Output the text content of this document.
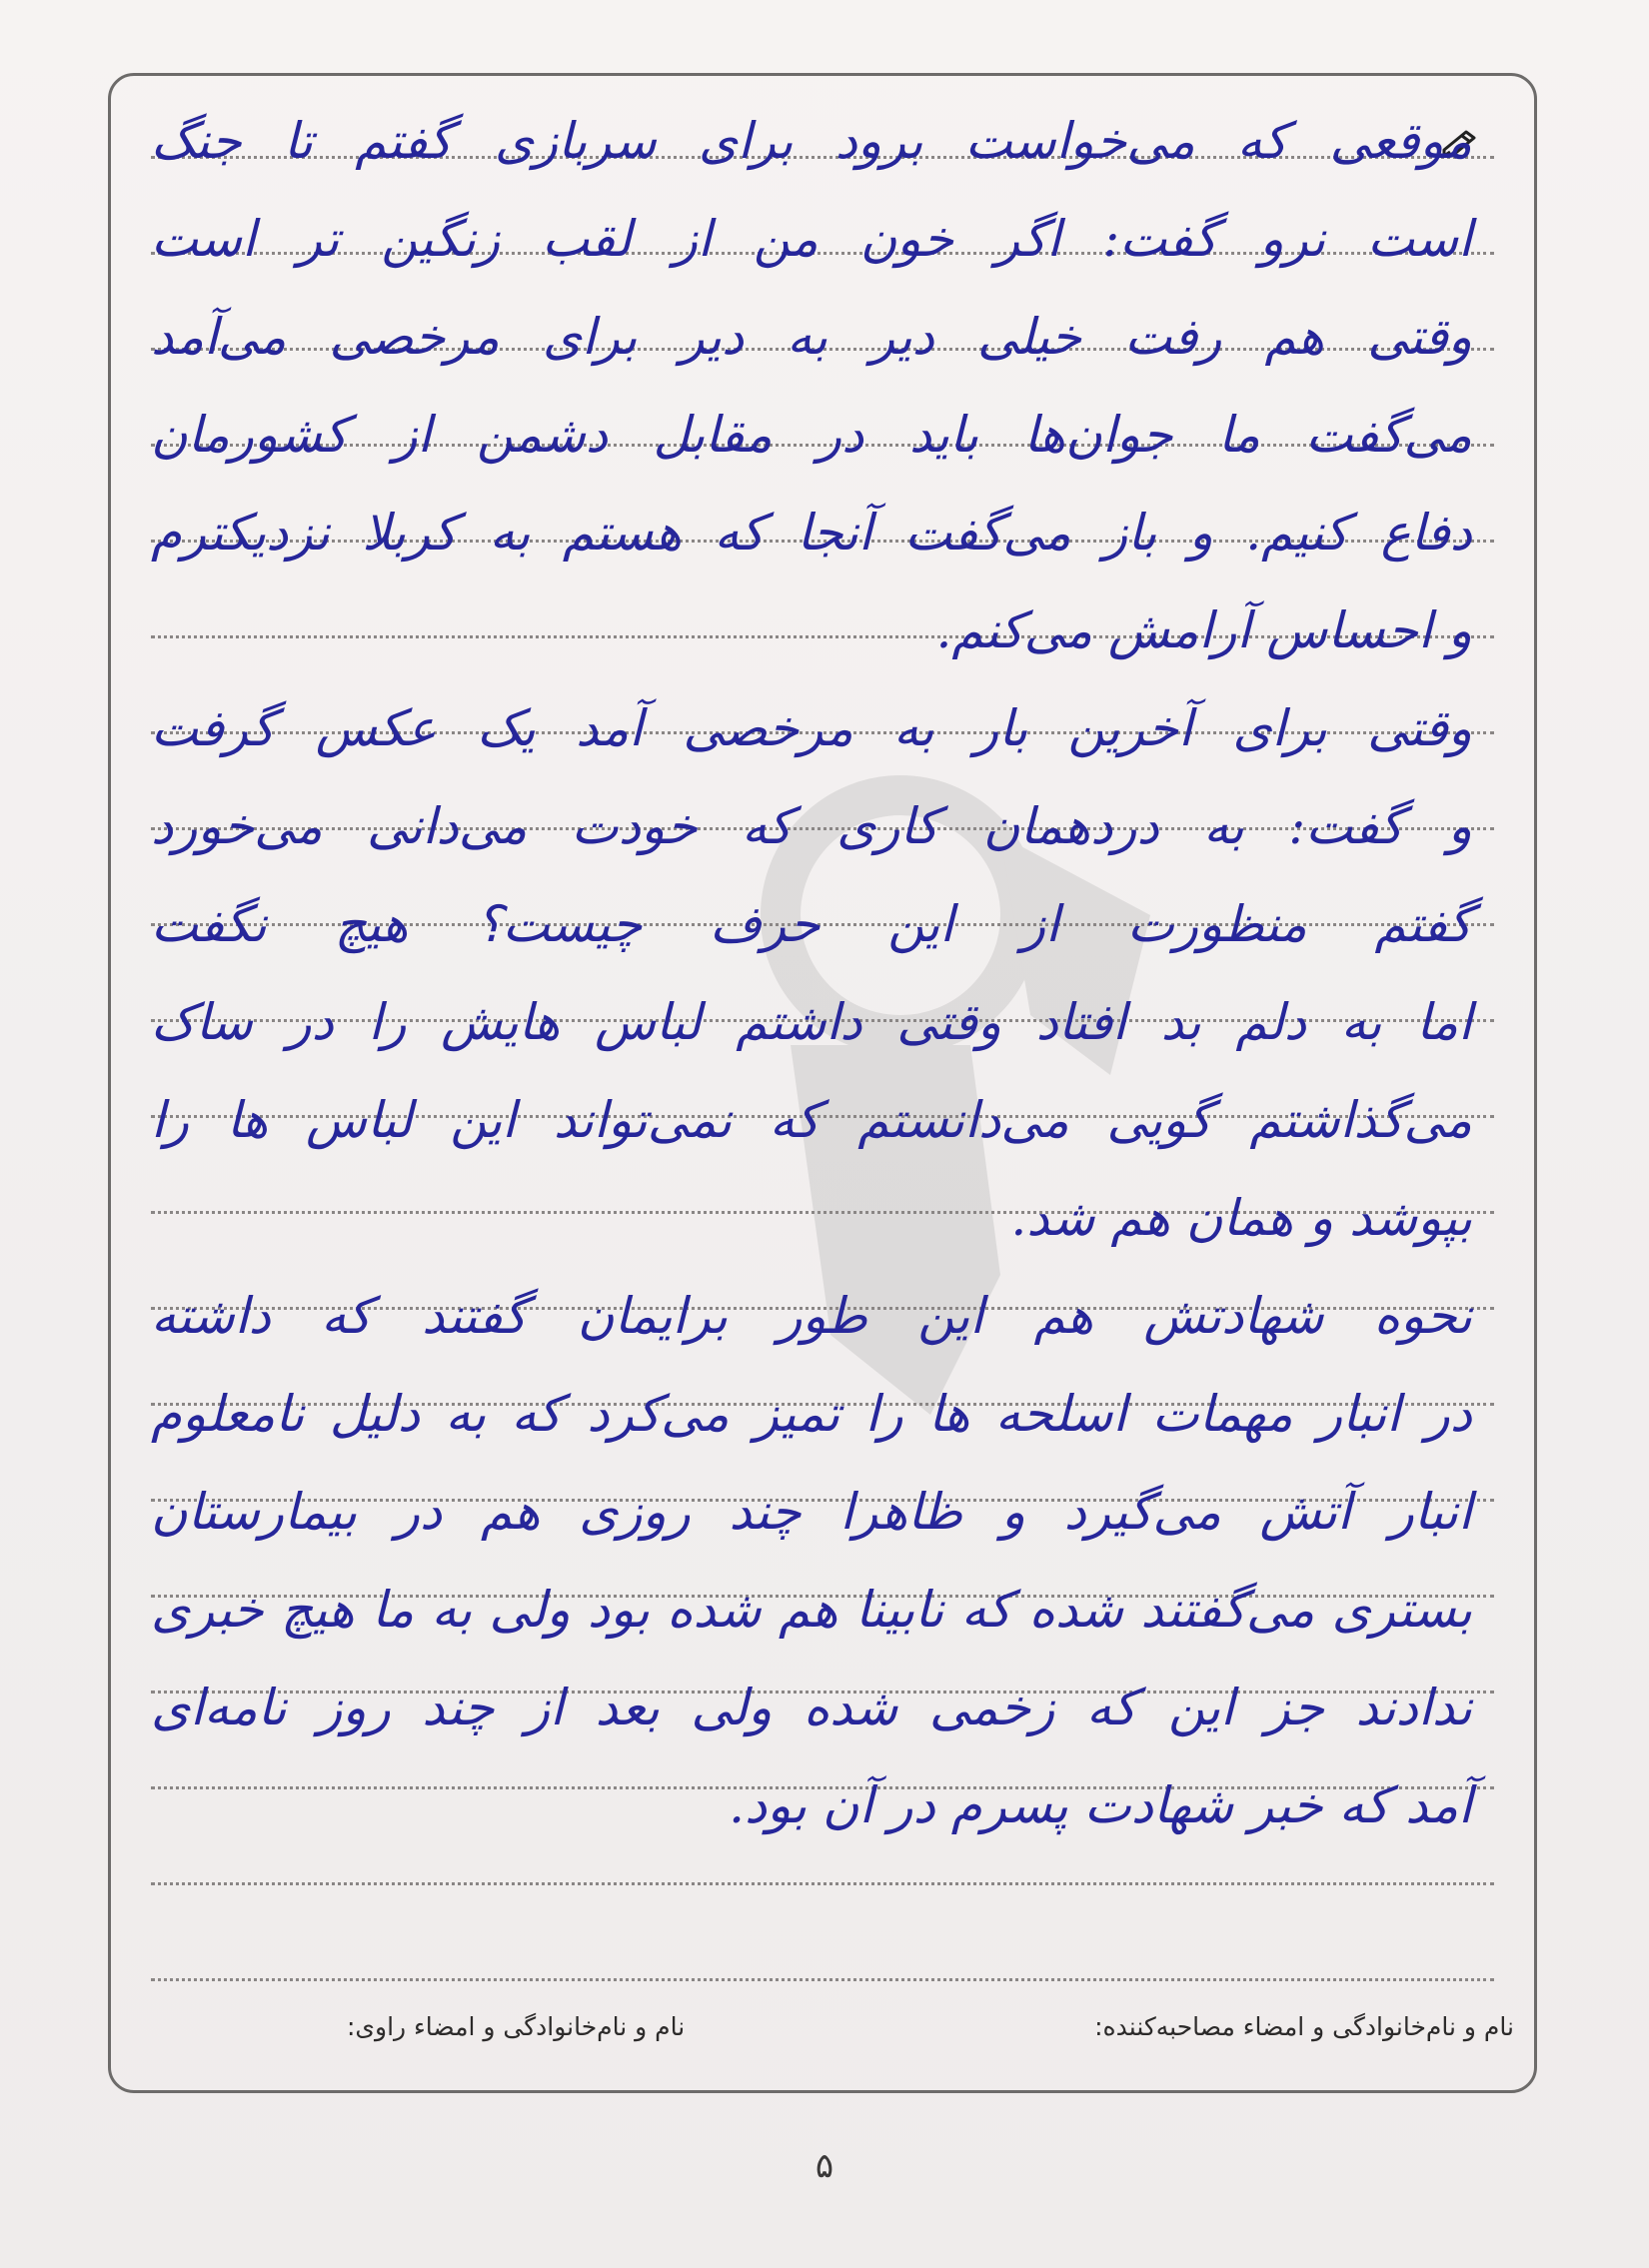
موقعی که می‌خواست برود برای سربازی گفتم تا جنگ
است نرو گفت: اگر خون من از لقب زنگین تر است
وقتی هم رفت خیلی دیر به دیر برای مرخصی می‌آمد
می‌گفت ما جوان‌ها باید در مقابل دشمن از کشورمان
دفاع کنیم. و باز می‌گفت آنجا که هستم به کربلا نزدیکترم
و احساس آرامش می‌کنم.
وقتی برای آخرین بار به مرخصی آمد یک عکس گرفت
و گفت: به دردهمان کاری که خودت می‌دانی می‌خورد
گفتم منظورت از این حرف چیست؟ هیچ نگفت
اما به دلم بد افتاد وقتی داشتم لباس هایش را در ساک
می‌گذاشتم گویی می‌دانستم که نمی‌تواند این لباس ها را
بپوشد و همان هم شد.
نحوه شهادتش هم این طور برایمان گفتند که داشته
در انبار مهمات اسلحه ها را تمیز می‌کرد که به دلیل نامعلوم
انبار آتش می‌گیرد و ظاهرا چند روزی هم در بیمارستان
بستری می‌گفتند شده که نابینا هم شده بود ولی به ما هیچ خبری
ندادند جز این که زخمی شده ولی بعد از چند روز نامه‌ای
آمد که خبر شهادت پسرم در آن بود.
نام و نام‌خانوادگی و امضاء مصاحبه‌کننده:
نام و نام‌خانوادگی و امضاء راوی:
۵
